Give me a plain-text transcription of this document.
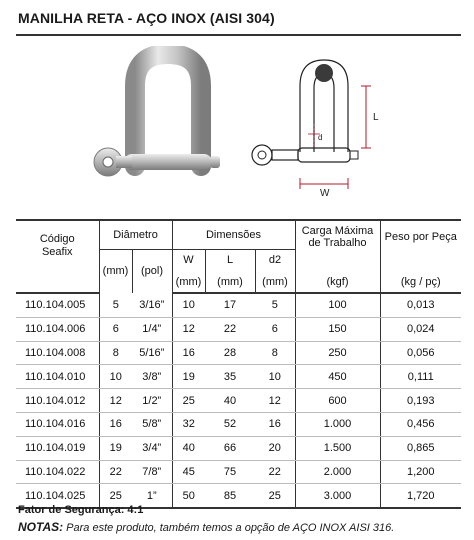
MANILHA RETA - AÇO INOX (AISI 304)
L
W
d
Código Seafix	Diâmetro		Dimensões			Carga Máxima de Trabalho	Peso por Peça
	(mm)	(pol)	W	L	d2		
			(mm)	(mm)	(mm)	(kgf)	(kg / pç)
110.104.005	5	3/16”	10	17	5	100	0,013
110.104.006	6	1/4”	12	22	6	150	0,024
110.104.008	8	5/16”	16	28	8	250	0,056
110.104.010	10	3/8”	19	35	10	450	0,111
110.104.012	12	1/2”	25	40	12	600	0,193
110.104.016	16	5/8”	32	52	16	1.000	0,456
110.104.019	19	3/4”	40	66	20	1.500	0,865
110.104.022	22	7/8”	45	75	22	2.000	1,200
110.104.025	25	1”	50	85	25	3.000	1,720
Fator de Segurança: 4:1
NOTAS: Para este produto, também temos a opção de AÇO INOX AISI 316.
